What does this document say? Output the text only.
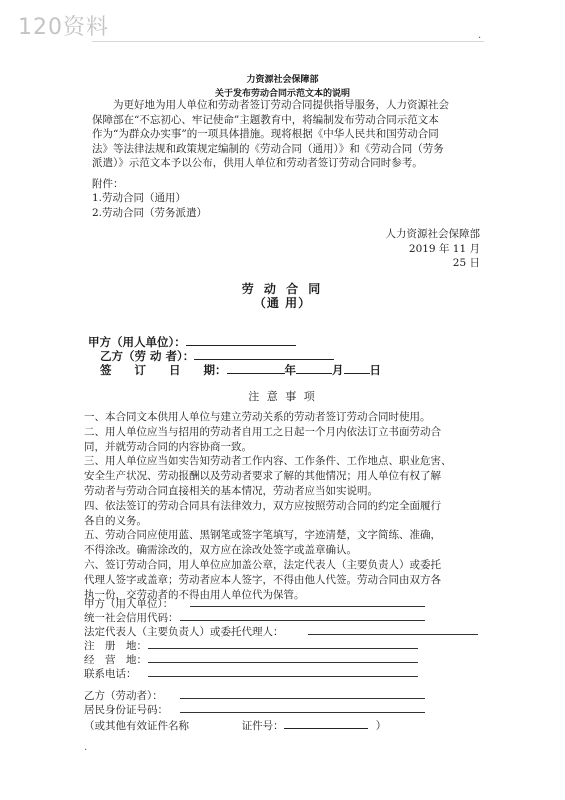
120资料	.
力资源社会保障部
关于发布劳动合同示范文本的说明
为更好地为用人单位和劳动者签订劳动合同提供指导服务，人力资源社会
保障部在“不忘初心、牢记使命”主题教育中，将编制发布劳动合同示范文本
作为“为群众办实事”的一项具体措施。现将根据《中华人民共和国劳动合同
法》等法律法规和政策规定编制的《劳动合同（通用）》和《劳动合同（劳务
派遣）》示范文本予以公布，供用人单位和劳动者签订劳动合同时参考。
附件：
1.劳动合同（通用）
2.劳动合同（劳务派遣）
人力资源社会保障部
2019 年 11 月
25 日
劳 动 合 同
（通 用）
甲方（用人单位）：
乙方（劳 动 者）：
签　　订　　日　　期：	年	月 日
注 意 事 项
一、本合同文本供用人单位与建立劳动关系的劳动者签订劳动合同时使用。
二、用人单位应当与招用的劳动者自用工之日起一个月内依法订立书面劳动合
同，并就劳动合同的内容协商一致。
三、用人单位应当如实告知劳动者工作内容、工作条件、工作地点、职业危害、
安全生产状况、劳动报酬以及劳动者要求了解的其他情况；用人单位有权了解
劳动者与劳动合同直接相关的基本情况，劳动者应当如实说明。
四、依法签订的劳动合同具有法律效力，双方应按照劳动合同的约定全面履行
各自的义务。
五、劳动合同应使用蓝、黑钢笔或签字笔填写，字迹清楚，文字简练、准确，
不得涂改。确需涂改的，双方应在涂改处签字或盖章确认。
六、签订劳动合同，用人单位应加盖公章，法定代表人（主要负责人）或委托
代理人签字或盖章；劳动者应本人签字，不得由他人代签。劳动合同由双方各
执一份，交劳动者的不得由用人单位代为保管。
甲方（用人单位）：
统一社会信用代码：
法定代表人（主要负责人）或委托代理人：
注　册　地：
经　营　地：
联系电话：
乙方（劳动者）：
居民身份证号码：
（或其他有效证件名称	证件号：	）
.
